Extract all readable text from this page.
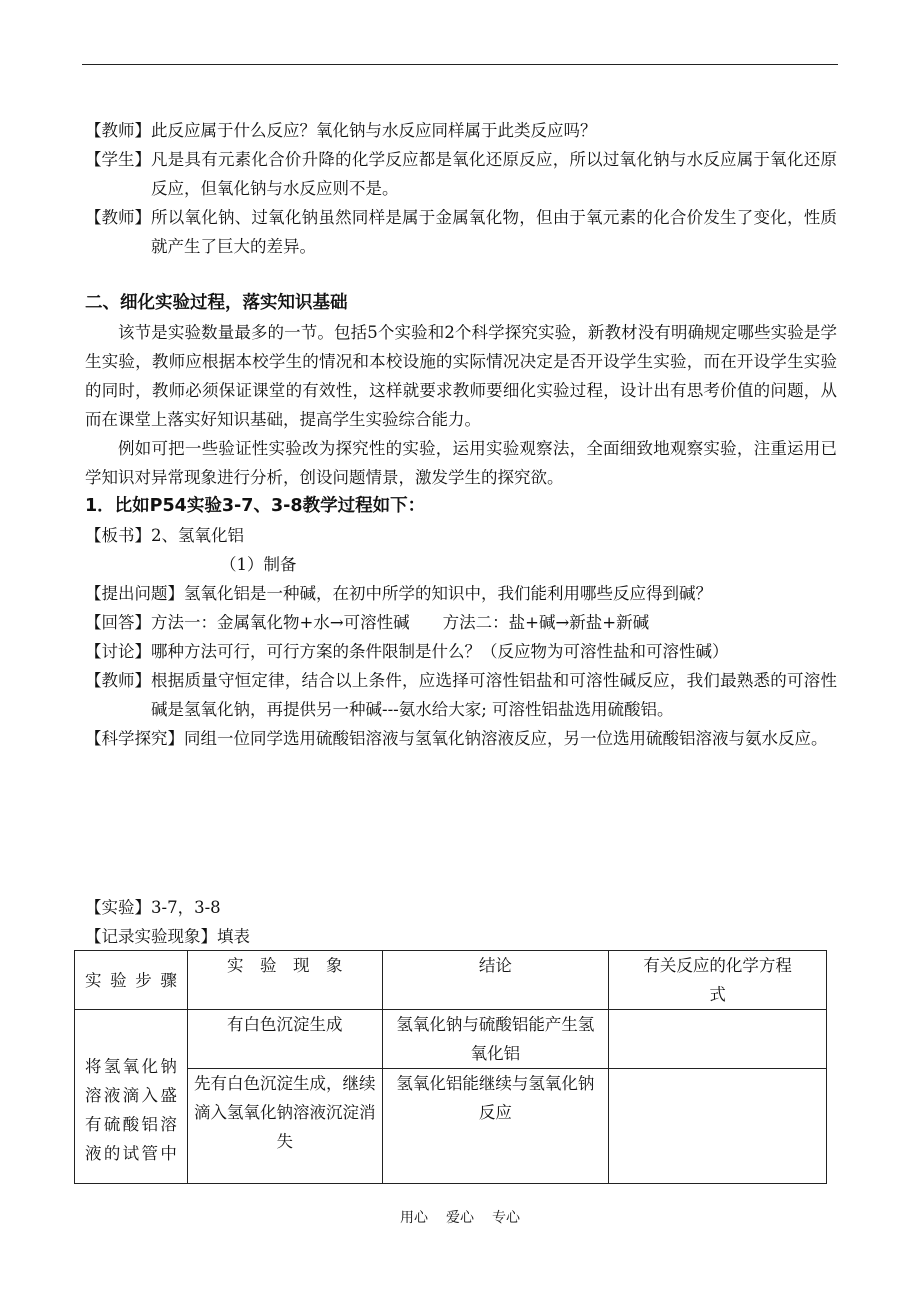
【教师】 此反应属于什么反应？氧化钠与水反应同样属于此类反应吗？
【学生】 凡是具有元素化合价升降的化学反应都是氧化还原反应，所以过氧化钠与水反应属于氧化还原反应，但氧化钠与水反应则不是。
【教师】 所以氧化钠、过氧化钠虽然同样是属于金属氧化物，但由于氧元素的化合价发生了变化，性质就产生了巨大的差异。
二、细化实验过程，落实知识基础
该节是实验数量最多的一节。包括5个实验和2个科学探究实验，新教材没有明确规定哪些实验是学生实验，教师应根据本校学生的情况和本校设施的实际情况决定是否开设学生实验，而在开设学生实验的同时，教师必须保证课堂的有效性，这样就要求教师要细化实验过程，设计出有思考价值的问题，从而在课堂上落实好知识基础，提高学生实验综合能力。
例如可把一些验证性实验改为探究性的实验，运用实验观察法，全面细致地观察实验，注重运用已学知识对异常现象进行分析，创设问题情景，激发学生的探究欲。
1．比如P54实验3-7、3-8教学过程如下：
【板书】 2、氢氧化铝
（1）制备
【提出问题】 氢氧化铝是一种碱，在初中所学的知识中，我们能利用哪些反应得到碱？
【回答】 方法一：金属氧化物+水→可溶性碱　　方法二：盐+碱→新盐+新碱
【讨论】 哪种方法可行，可行方案的条件限制是什么？（反应物为可溶性盐和可溶性碱）
【教师】 根据质量守恒定律，结合以上条件，应选择可溶性铝盐和可溶性碱反应，我们最熟悉的可溶性碱是氢氧化钠，再提供另一种碱---氨水给大家; 可溶性铝盐选用硫酸铝。
【科学探究】 同组一位同学选用硫酸铝溶液与氢氧化钠溶液反应，另一位选用硫酸铝溶液与氨水反应。
【实验】3-7，3-8
【记录实验现象】填表
实验步骤	实　验　现　象	结论	有关反应的化学方程式
将氢氧化钠溶液滴入盛有硫酸铝溶液的试管中	有白色沉淀生成	氢氧化钠与硫酸铝能产生氢氧化铝	
	先有白色沉淀生成，继续滴入氢氧化钠溶液沉淀消失	氢氧化铝能继续与氢氧化钠反应	
用心 爱心 专心
